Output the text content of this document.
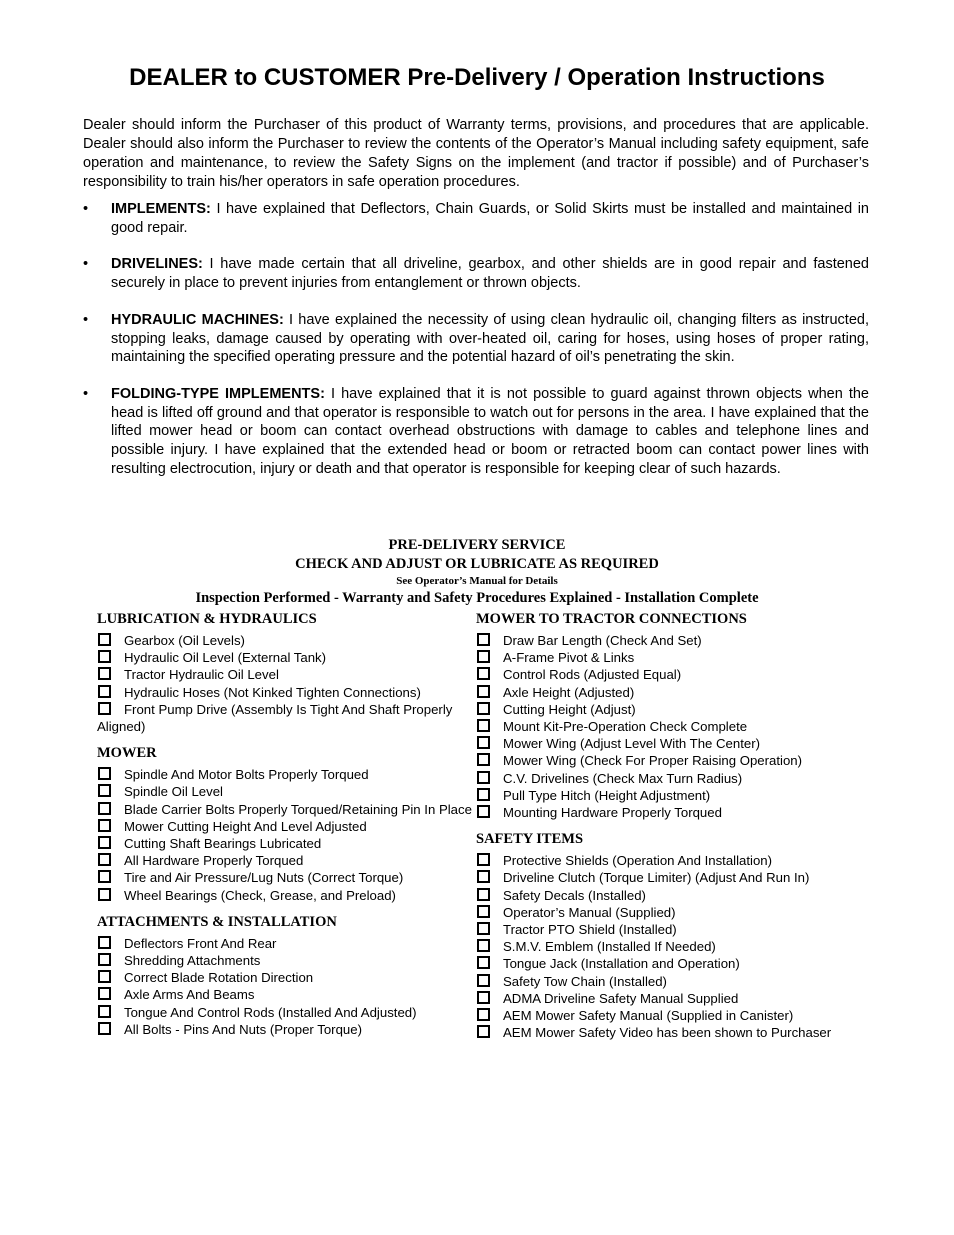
DEALER to CUSTOMER Pre-Delivery / Operation Instructions

Dealer should inform the Purchaser of this product of Warranty terms, provisions, and procedures that are applicable. Dealer should also inform the Purchaser to review the contents of the Operator’s Manual including safety equipment, safe operation and maintenance, to review the Safety Signs on the implement (and tractor if possible) and of Purchaser’s responsibility to train his/her operators in safe operation procedures.

• IMPLEMENTS: I have explained that Deflectors, Chain Guards, or Solid Skirts must be installed and maintained in good repair.
• DRIVELINES: I have made certain that all driveline, gearbox, and other shields are in good repair and fastened securely in place to prevent injuries from entanglement or thrown objects.
• HYDRAULIC MACHINES: I have explained the necessity of using clean hydraulic oil, changing filters as instructed, stopping leaks, damage caused by operating with over-heated oil, caring for hoses, using hoses of proper rating, maintaining the specified operating pressure and the potential hazard of oil’s penetrating the skin.
• FOLDING-TYPE IMPLEMENTS: I have explained that it is not possible to guard against thrown objects when the head is lifted off ground and that operator is responsible to watch out for persons in the area. I have explained that the lifted mower head or boom can contact overhead obstructions with damage to cables and telephone lines and possible injury. I have explained that the extended head or boom or retracted boom can contact power lines with resulting electrocution, injury or death and that operator is responsible for keeping clear of such hazards.
PRE-DELIVERY SERVICE
CHECK AND ADJUST OR LUBRICATE AS REQUIRED
See Operator’s Manual for Details
Inspection Performed - Warranty and Safety Procedures Explained - Installation Complete
LUBRICATION & HYDRAULICS
Gearbox (Oil Levels)
Hydraulic Oil Level (External Tank)
Tractor Hydraulic Oil Level
Hydraulic Hoses (Not Kinked Tighten Connections)
Front Pump Drive (Assembly Is Tight And Shaft Properly Aligned)
MOWER
Spindle And Motor Bolts Properly Torqued
Spindle Oil Level
Blade Carrier Bolts Properly Torqued/Retaining Pin In Place
Mower Cutting Height And Level Adjusted
Cutting Shaft Bearings Lubricated
All Hardware Properly Torqued
Tire and Air Pressure/Lug Nuts (Correct Torque)
Wheel Bearings (Check, Grease, and Preload)
ATTACHMENTS & INSTALLATION
Deflectors Front And Rear
Shredding Attachments
Correct Blade Rotation Direction
Axle Arms And Beams
Tongue And Control Rods (Installed And Adjusted)
All Bolts - Pins And Nuts (Proper Torque)
MOWER TO TRACTOR CONNECTIONS
Draw Bar Length (Check And Set)
A-Frame Pivot & Links
Control Rods (Adjusted Equal)
Axle Height (Adjusted)
Cutting Height (Adjust)
Mount Kit-Pre-Operation Check Complete
Mower Wing (Adjust Level With The Center)
Mower Wing (Check For Proper Raising Operation)
C.V. Drivelines (Check Max Turn Radius)
Pull Type Hitch (Height Adjustment)
Mounting Hardware Properly Torqued
SAFETY ITEMS
Protective Shields (Operation And Installation)
Driveline Clutch (Torque Limiter) (Adjust And Run In)
Safety Decals (Installed)
Operator’s Manual (Supplied)
Tractor PTO Shield (Installed)
S.M.V. Emblem (Installed If Needed)
Tongue Jack (Installation and Operation)
Safety Tow Chain (Installed)
ADMA Driveline Safety Manual Supplied
AEM Mower Safety Manual (Supplied in Canister)
AEM Mower Safety Video has been shown to Purchaser
